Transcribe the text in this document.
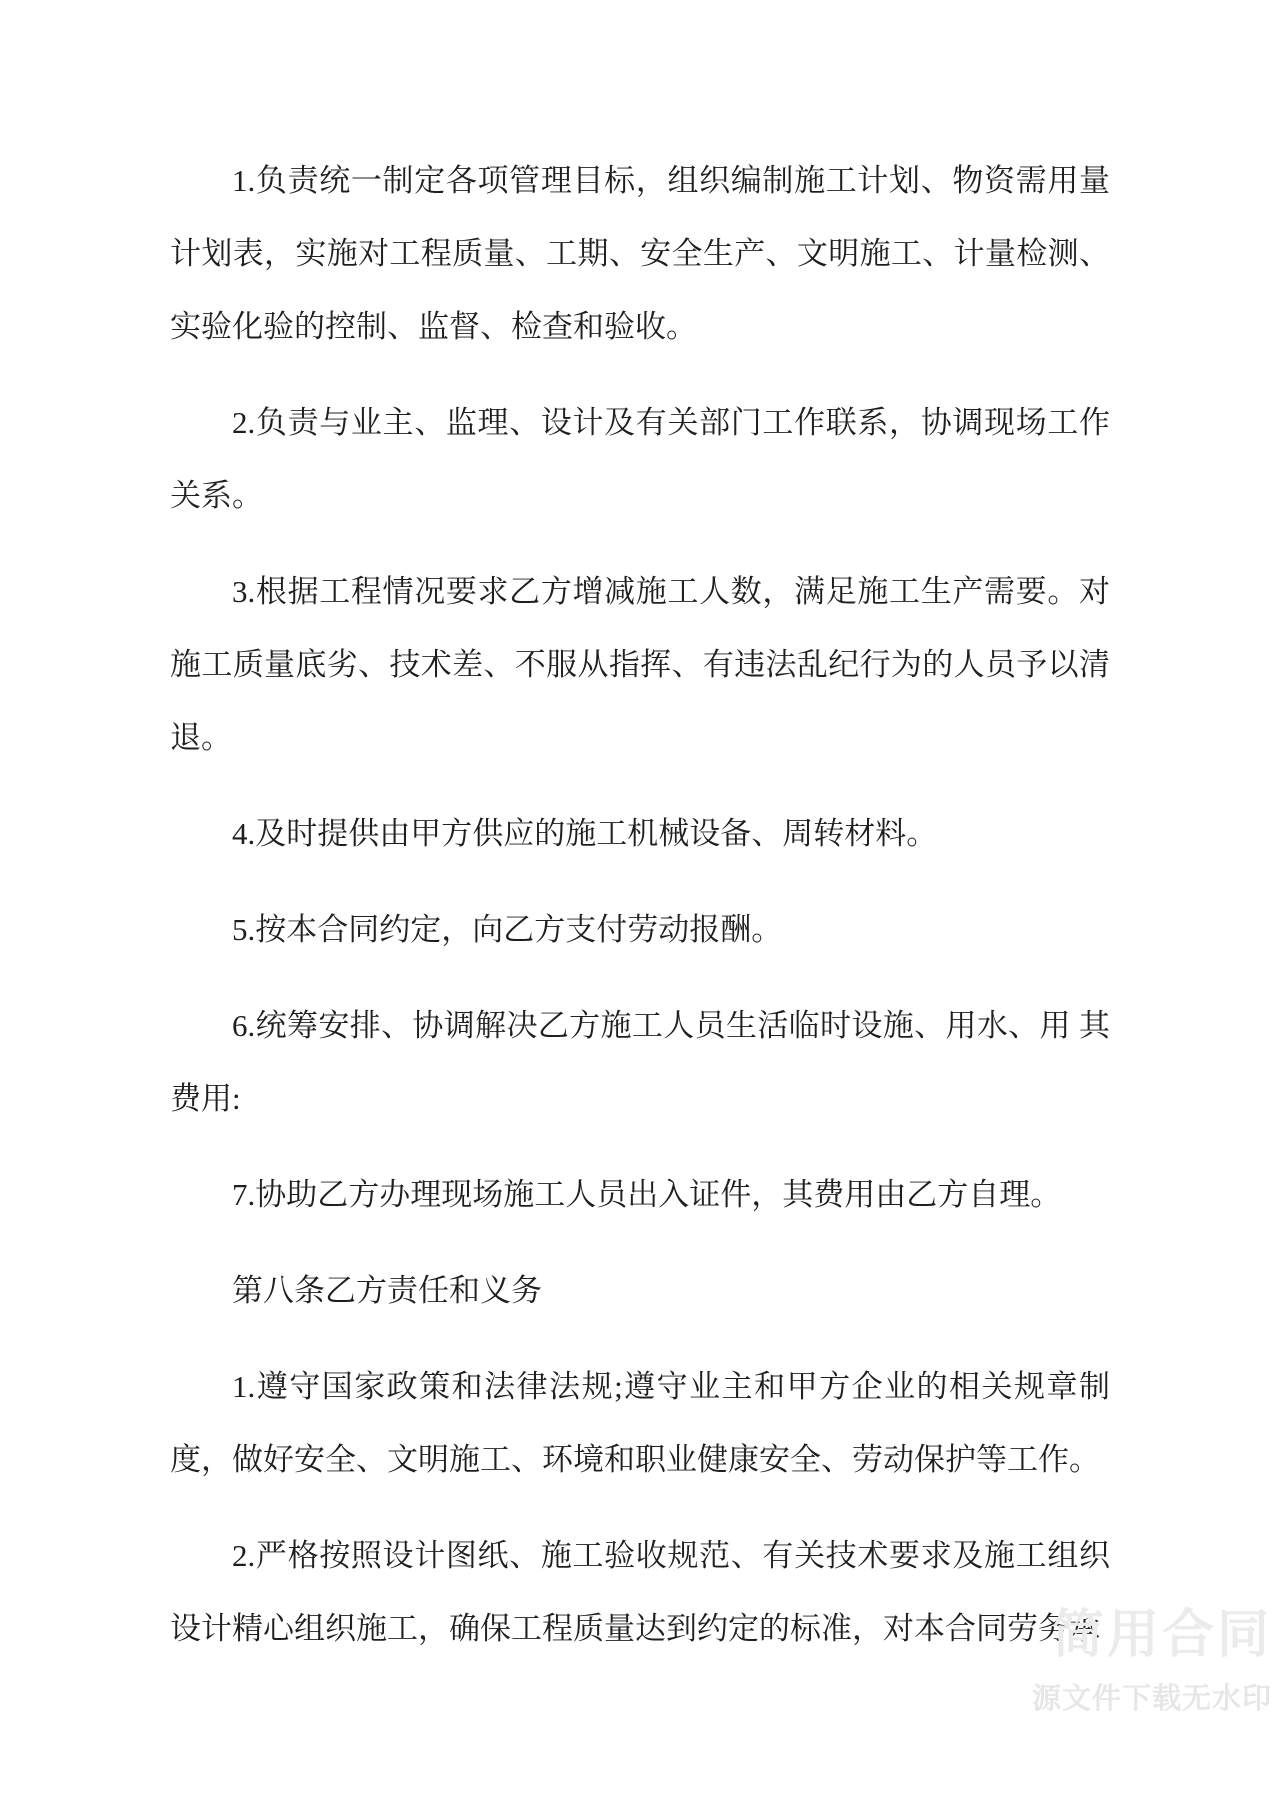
1.负责统一制定各项管理目标，组织编制施工计划、物资需用量计划表，实施对工程质量、工期、安全生产、文明施工、计量检测、实验化验的控制、监督、检查和验收。

2.负责与业主、监理、设计及有关部门工作联系，协调现场工作关系。

3.根据工程情况要求乙方增减施工人数，满足施工生产需要。对施工质量底劣、技术差、不服从指挥、有违法乱纪行为的人员予以清退。

4.及时提供由甲方供应的施工机械设备、周转材料。

5.按本合同约定，向乙方支付劳动报酬。

6.统筹安排、协调解决乙方施工人员生活临时设施、用水、用 其费用:

7.协助乙方办理现场施工人员出入证件，其费用由乙方自理。

第八条乙方责任和义务

1.遵守国家政策和法律法规;遵守业主和甲方企业的相关规章制度，做好安全、文明施工、环境和职业健康安全、劳动保护等工作。

2.严格按照设计图纸、施工验收规范、有关技术要求及施工组织设计精心组织施工，确保工程质量达到约定的标准，对本合同劳务承

简用合同
源文件下载无水印
